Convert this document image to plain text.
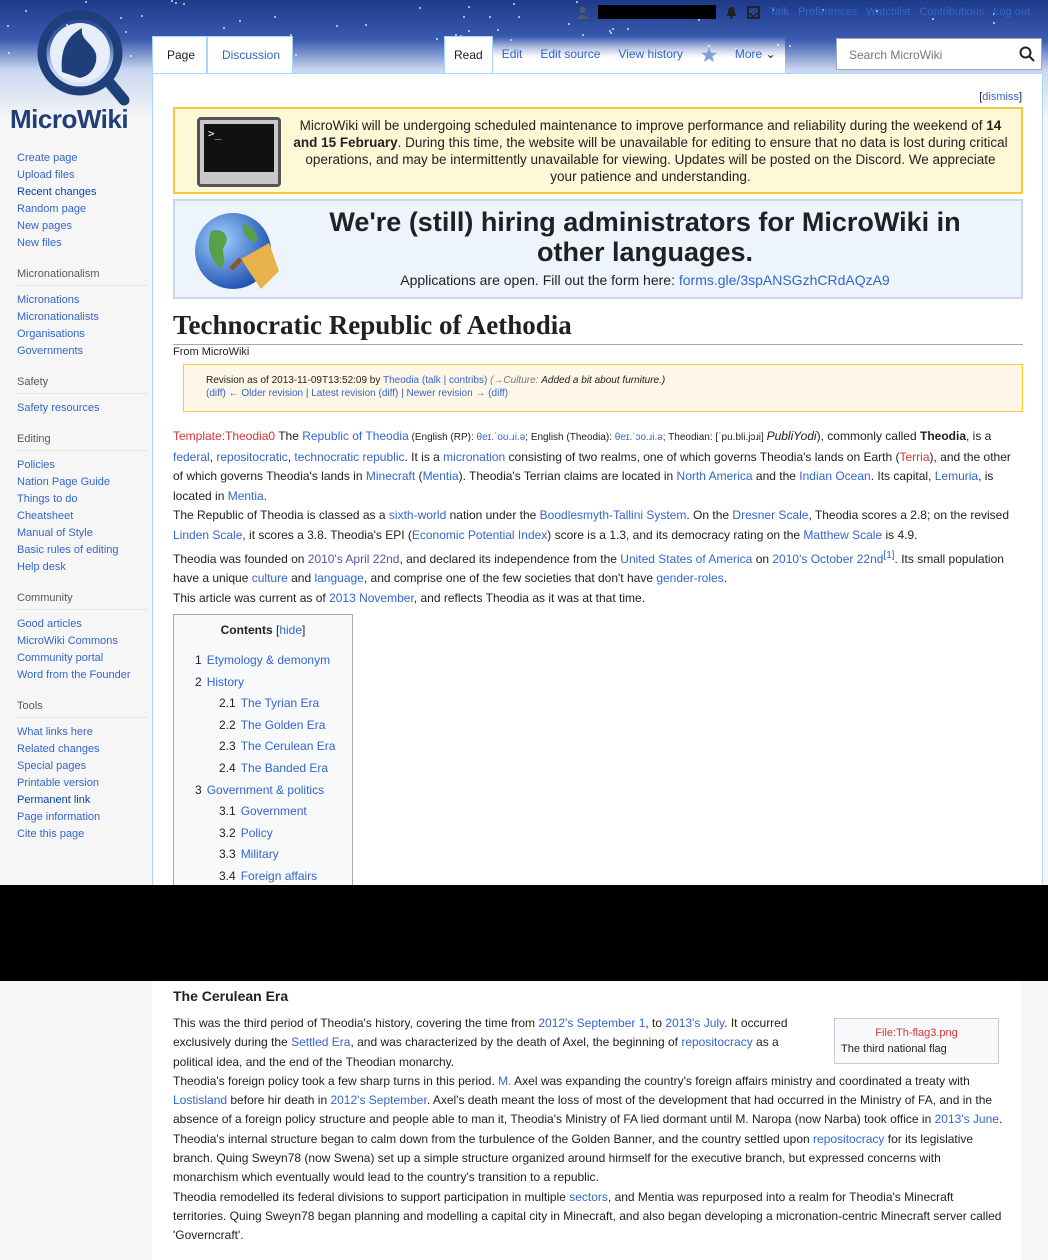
MicroWiki
Talk Preferences Watchlist Contributions Log out
Page	Discussion	Read	Edit	Edit source	View history	More ⌄	Search MicroWiki
Create page
Upload files
Recent changes
Random page
New pages
New files
Micronationalism
Micronations
Micronationalists
Organisations
Governments
Safety
Safety resources
Editing
Policies
Nation Page Guide
Things to do
Cheatsheet
Manual of Style
Basic rules of editing
Help desk
Community
Good articles
MicroWiki Commons
Community portal
Word from the Founder
Tools
What links here
Related changes
Special pages
Printable version
Permanent link
Page information
Cite this page
[dismiss]
>_
MicroWiki will be undergoing scheduled maintenance to improve performance and reliability during the weekend of 14 and 15 February. During this time, the website will be unavailable for editing to ensure that no data is lost during critical operations, and may be intermittently unavailable for viewing. Updates will be posted on the Discord. We appreciate your patience and understanding.
We're (still) hiring administrators for MicroWiki in other languages.
Applications are open. Fill out the form here: forms.gle/3spANSGzhCRdAQzA9
Technocratic Republic of Aethodia
From MicroWiki
Revision as of 2013-11-09T13:52:09 by Theodia (talk | contribs) (→Culture: Added a bit about furniture.)
(diff) ← Older revision | Latest revision (diff) | Newer revision → (diff)

Template:Theodia0 The Republic of Theodia (English (RP): θeɪ.ˈoʊ.ɹi.ə; English (Theodia): θeɪ.ˈɔo.ɹi.ə; Theodian: [ˈpu.bli.jɔɹi] PubliYodi), commonly called Theodia, is a federal, repositocratic, technocratic republic. It is a micronation consisting of two realms, one of which governs Theodia's lands on Earth (Terria), and the other of which governs Theodia's lands in Minecraft (Mentia). Theodia's Terrian claims are located in North America and the Indian Ocean. Its capital, Lemuria, is located in Mentia.

The Republic of Theodia is classed as a sixth-world nation under the Boodlesmyth-Tallini System. On the Dresner Scale, Theodia scores a 2.8; on the revised Linden Scale, it scores a 3.8. Theodia's EPI (Economic Potential Index) score is a 1.3, and its democracy rating on the Matthew Scale is 4.9.

Theodia was founded on 2010's April 22nd, and declared its independence from the United States of America on 2010's October 22nd[1]. Its small population have a unique culture and language, and comprise one of the few societies that don't have gender-roles.

This article was current as of 2013 November, and reflects Theodia as it was at that time.

Contents [hide]
1 Etymology & demonym
2 History
2.1 The Tyrian Era
2.2 The Golden Era
2.3 The Cerulean Era
2.4 The Banded Era
3 Government & politics
3.1 Government
3.2 Policy
3.3 Military
3.4 Foreign affairs
The Cerulean Era
File:Th-flag3.png
The third national flag

This was the third period of Theodia's history, covering the time from 2012's September 1, to 2013's July. It occurred exclusively during the Settled Era, and was characterized by the death of Axel, the beginning of repositocracy as a political idea, and the end of the Theodian monarchy.

Theodia's foreign policy took a few sharp turns in this period. M. Axel was expanding the country's foreign affairs ministry and coordinated a treaty with Lostisland before hir death in 2012's September. Axel's death meant the loss of most of the development that had occurred in the Ministry of FA, and in the absence of a foreign policy structure and people able to man it, Theodia's Ministry of FA lied dormant until M. Naropa (now Narba) took office in 2013's June.

Theodia's internal structure began to calm down from the turbulence of the Golden Banner, and the country settled upon repositocracy for its legislative branch. Quing Sweyn78 (now Swena) set up a simple structure organized around hirmself for the executive branch, but expressed concerns with monarchism which eventually would lead to the country's transition to a republic.

Theodia remodelled its federal divisions to support participation in multiple sectors, and Mentia was repurposed into a realm for Theodia's Minecraft territories. Quing Sweyn78 began planning and modelling a capital city in Minecraft, and also began developing a micronation-centric Minecraft server called 'Governcraft'.
